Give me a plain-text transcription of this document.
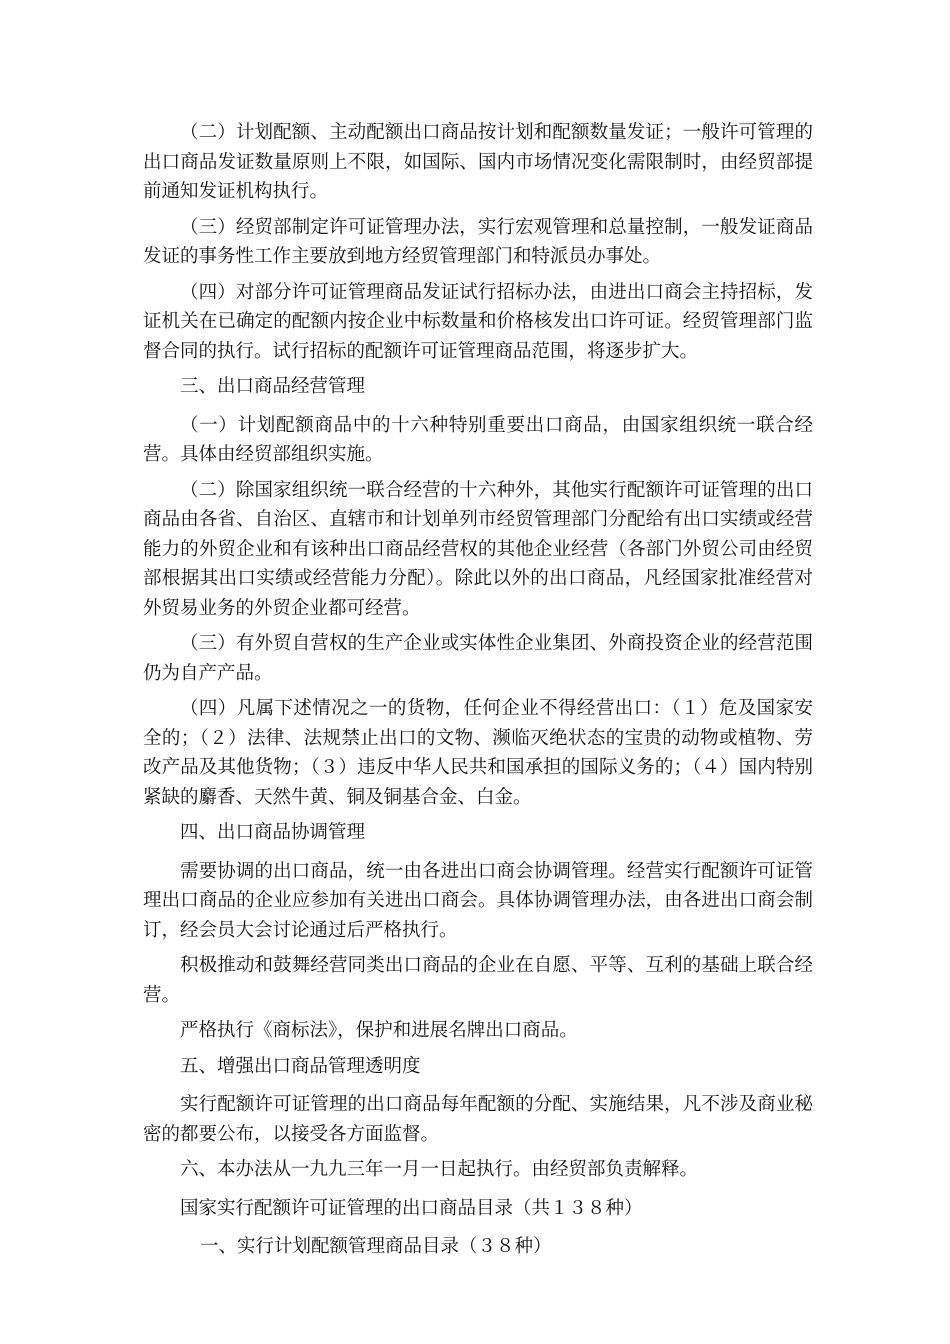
（二）计划配额、主动配额出口商品按计划和配额数量发证；一般许可管理的出口商品发证数量原则上不限，如国际、国内市场情况变化需限制时，由经贸部提前通知发证机构执行。

（三）经贸部制定许可证管理办法，实行宏观管理和总量控制，一般发证商品发证的事务性工作主要放到地方经贸管理部门和特派员办事处。

（四）对部分许可证管理商品发证试行招标办法，由进出口商会主持招标，发证机关在已确定的配额内按企业中标数量和价格核发出口许可证。经贸管理部门监督合同的执行。试行招标的配额许可证管理商品范围，将逐步扩大。

三、出口商品经营管理

（一）计划配额商品中的十六种特别重要出口商品，由国家组织统一联合经营。具体由经贸部组织实施。

（二）除国家组织统一联合经营的十六种外，其他实行配额许可证管理的出口商品由各省、自治区、直辖市和计划单列市经贸管理部门分配给有出口实绩或经营能力的外贸企业和有该种出口商品经营权的其他企业经营（各部门外贸公司由经贸部根据其出口实绩或经营能力分配）。除此以外的出口商品，凡经国家批准经营对外贸易业务的外贸企业都可经营。

（三）有外贸自营权的生产企业或实体性企业集团、外商投资企业的经营范围仍为自产产品。

（四）凡属下述情况之一的货物，任何企业不得经营出口：（１）危及国家安全的；（２）法律、法规禁止出口的文物、濒临灭绝状态的宝贵的动物或植物、劳改产品及其他货物；（３）违反中华人民共和国承担的国际义务的；（４）国内特别紧缺的麝香、天然牛黄、铜及铜基合金、白金。

四、出口商品协调管理

需要协调的出口商品，统一由各进出口商会协调管理。经营实行配额许可证管理出口商品的企业应参加有关进出口商会。具体协调管理办法，由各进出口商会制订，经会员大会讨论通过后严格执行。

积极推动和鼓舞经营同类出口商品的企业在自愿、平等、互利的基础上联合经营。

严格执行《商标法》，保护和进展名牌出口商品。

五、增强出口商品管理透明度

实行配额许可证管理的出口商品每年配额的分配、实施结果，凡不涉及商业秘密的都要公布，以接受各方面监督。

六、本办法从一九九三年一月一日起执行。由经贸部负责解释。

国家实行配额许可证管理的出口商品目录（共１３８种）

一、实行计划配额管理商品目录（３８种）
